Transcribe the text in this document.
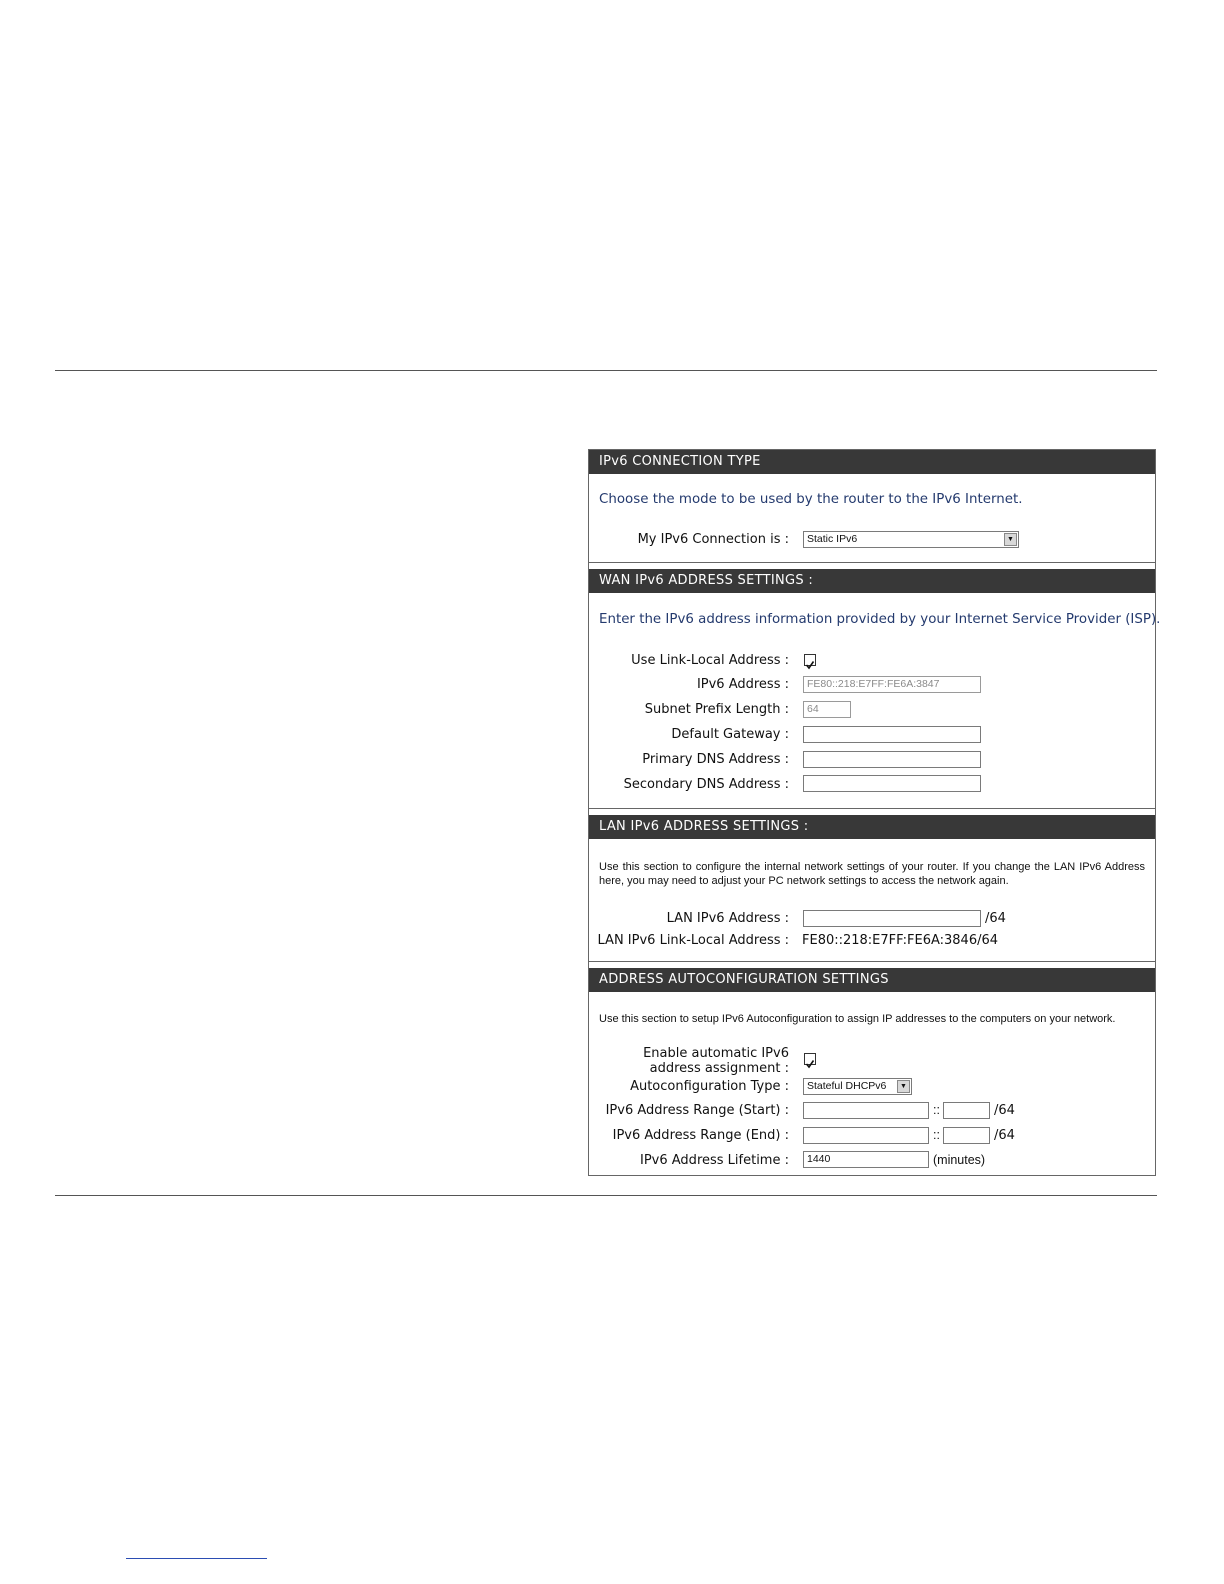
IPv6 CONNECTION TYPE
Choose the mode to be used by the router to the IPv6 Internet.
My IPv6 Connection is :	Static IPv6	▼
WAN IPv6 ADDRESS SETTINGS :
Enter the IPv6 address information provided by your Internet Service Provider (ISP).
Use Link-Local Address :
IPv6 Address :	FE80::218:E7FF:FE6A:3847
Subnet Prefix Length :	64
Default Gateway :
Primary DNS Address :
Secondary DNS Address :
LAN IPv6 ADDRESS SETTINGS :
Use this section to configure the internal network settings of your router. If you change the LAN IPv6 Address here, you may need to adjust your PC network settings to access the network again.
LAN IPv6 Address :	/64
LAN IPv6 Link-Local Address : FE80::218:E7FF:FE6A:3846/64
ADDRESS AUTOCONFIGURATION SETTINGS
Use this section to setup IPv6 Autoconfiguration to assign IP addresses to the computers on your network.
Enable automatic IPv6
address assignment :
Autoconfiguration Type :	Stateful DHCPv6	▼
IPv6 Address Range (Start) :	::	/64
IPv6 Address Range (End) :	::	/64
IPv6 Address Lifetime :	1440	(minutes)
